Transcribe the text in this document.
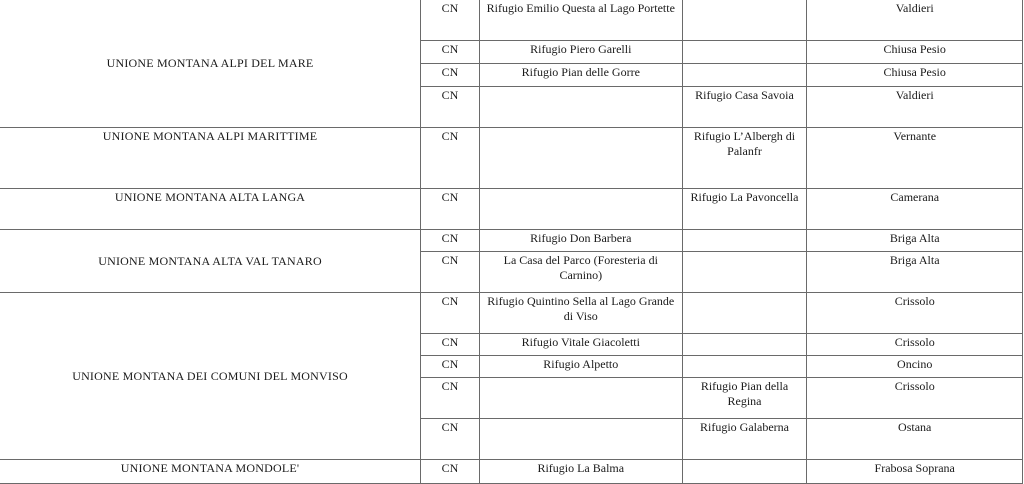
UNIONE MONTANA ALPI DEL MARE	CN	Rifugio Emilio Questa al Lago Portette		Valdieri
	CN	Rifugio Piero Garelli		Chiusa Pesio
	CN	Rifugio Pian delle Gorre		Chiusa Pesio
	CN		Rifugio Casa Savoia	Valdieri
UNIONE MONTANA ALPI MARITTIME	CN		Rifugio L’Albergh di Palanfr	Vernante
UNIONE MONTANA ALTA LANGA	CN		Rifugio La Pavoncella	Camerana
UNIONE MONTANA ALTA VAL TANARO	CN	Rifugio Don Barbera		Briga Alta
	CN	La Casa del Parco (Foresteria di Carnino)		Briga Alta
UNIONE MONTANA DEI COMUNI DEL MONVISO	CN	Rifugio Quintino Sella al Lago Grande di Viso		Crissolo
	CN	Rifugio Vitale Giacoletti		Crissolo
	CN	Rifugio Alpetto		Oncino
	CN		Rifugio Pian della Regina	Crissolo
	CN		Rifugio Galaberna	Ostana
UNIONE MONTANA MONDOLE'	CN	Rifugio La Balma		Frabosa Soprana
